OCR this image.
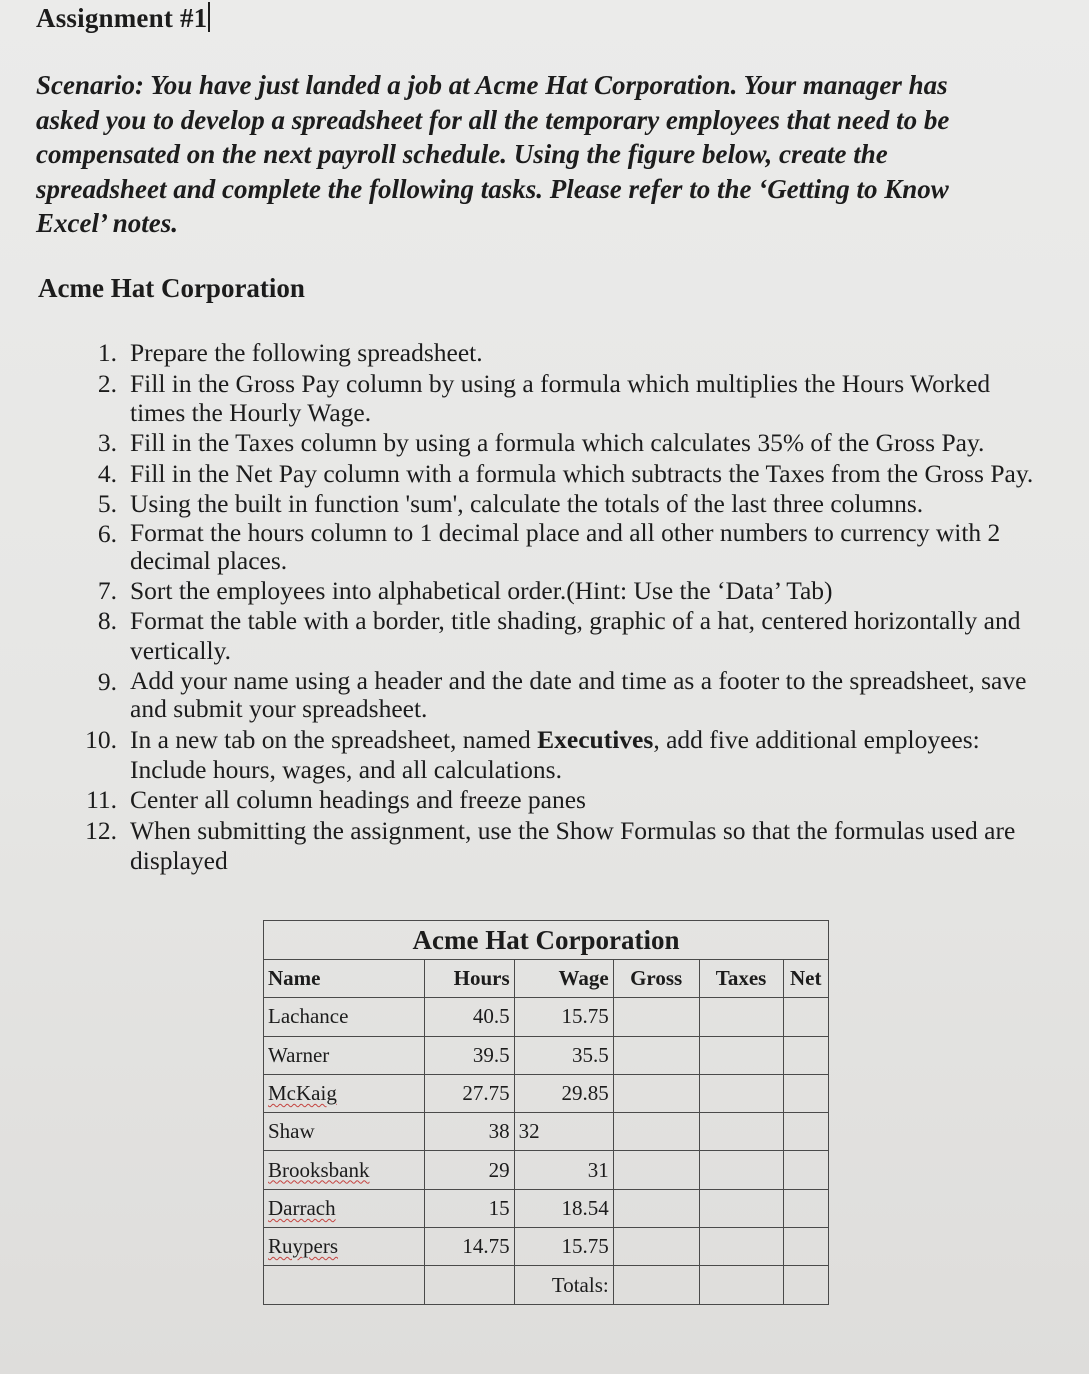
Assignment #1

Scenario: You have just landed a job at Acme Hat Corporation. Your manager has
asked you to develop a spreadsheet for all the temporary employees that need to be
compensated on the next payroll schedule. Using the figure below, create the
spreadsheet and complete the following tasks. Please refer to the ‘Getting to Know
Excel’ notes.

Acme Hat Corporation
1. Prepare the following spreadsheet.
2. Fill in the Gross Pay column by using a formula which multiplies the Hours Worked
times the Hourly Wage.
3. Fill in the Taxes column by using a formula which calculates 35% of the Gross Pay.
4. Fill in the Net Pay column with a formula which subtracts the Taxes from the Gross Pay.
5. Using the built in function 'sum', calculate the totals of the last three columns.
6. Format the hours column to 1 decimal place and all other numbers to currency with 2
decimal places.
7. Sort the employees into alphabetical order.(Hint: Use the ‘Data’ Tab)
8. Format the table with a border, title shading, graphic of a hat, centered horizontally and
vertically.
9. Add your name using a header and the date and time as a footer to the spreadsheet, save
and submit your spreadsheet.
10. In a new tab on the spreadsheet, named Executives, add five additional employees:
Include hours, wages, and all calculations.
11. Center all column headings and freeze panes
12. When submitting the assignment, use the Show Formulas so that the formulas used are
displayed
Acme Hat Corporation					
Name	Hours	Wage	Gross	Taxes	Net
Lachance	40.5	15.75			
Warner	39.5	35.5			
McKaig	27.75	29.85			
Shaw	38	32			
Brooksbank	29	31			
Darrach	15	18.54			
Ruypers	14.75	15.75			
		Totals:			
